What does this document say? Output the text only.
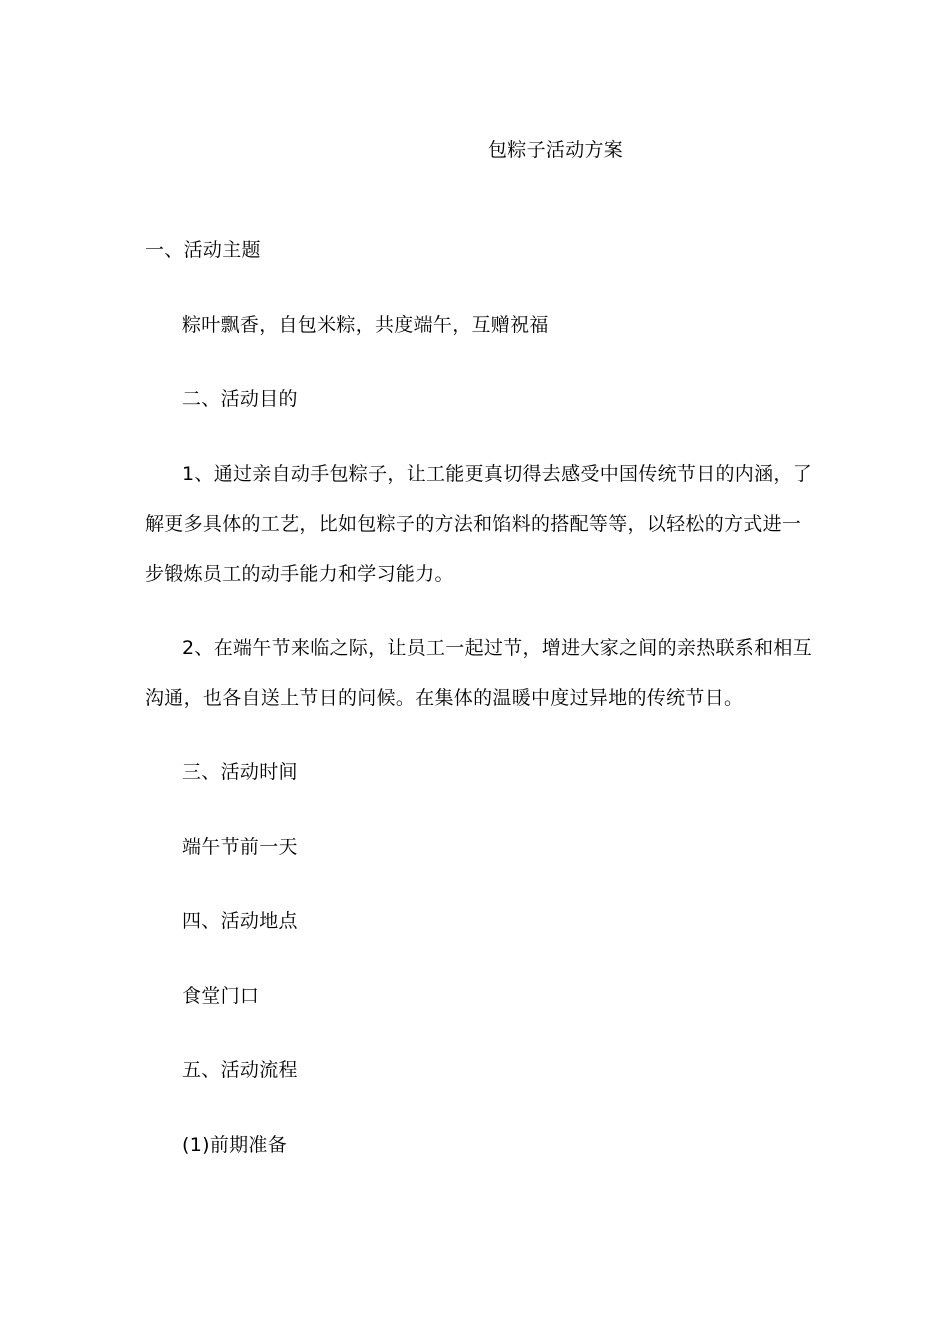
包粽子活动方案
一、活动主题
粽叶飘香，自包米粽，共度端午，互赠祝福
二、活动目的
1、通过亲自动手包粽子，让工能更真切得去感受中国传统节日的内涵，了
解更多具体的工艺，比如包粽子的方法和馅料的搭配等等，以轻松的方式进一
步锻炼员工的动手能力和学习能力。
2、在端午节来临之际，让员工一起过节，增进大家之间的亲热联系和相互
沟通，也各自送上节日的问候。在集体的温暖中度过异地的传统节日。
三、活动时间
端午节前一天
四、活动地点
食堂门口
五、活动流程
(1)前期准备
